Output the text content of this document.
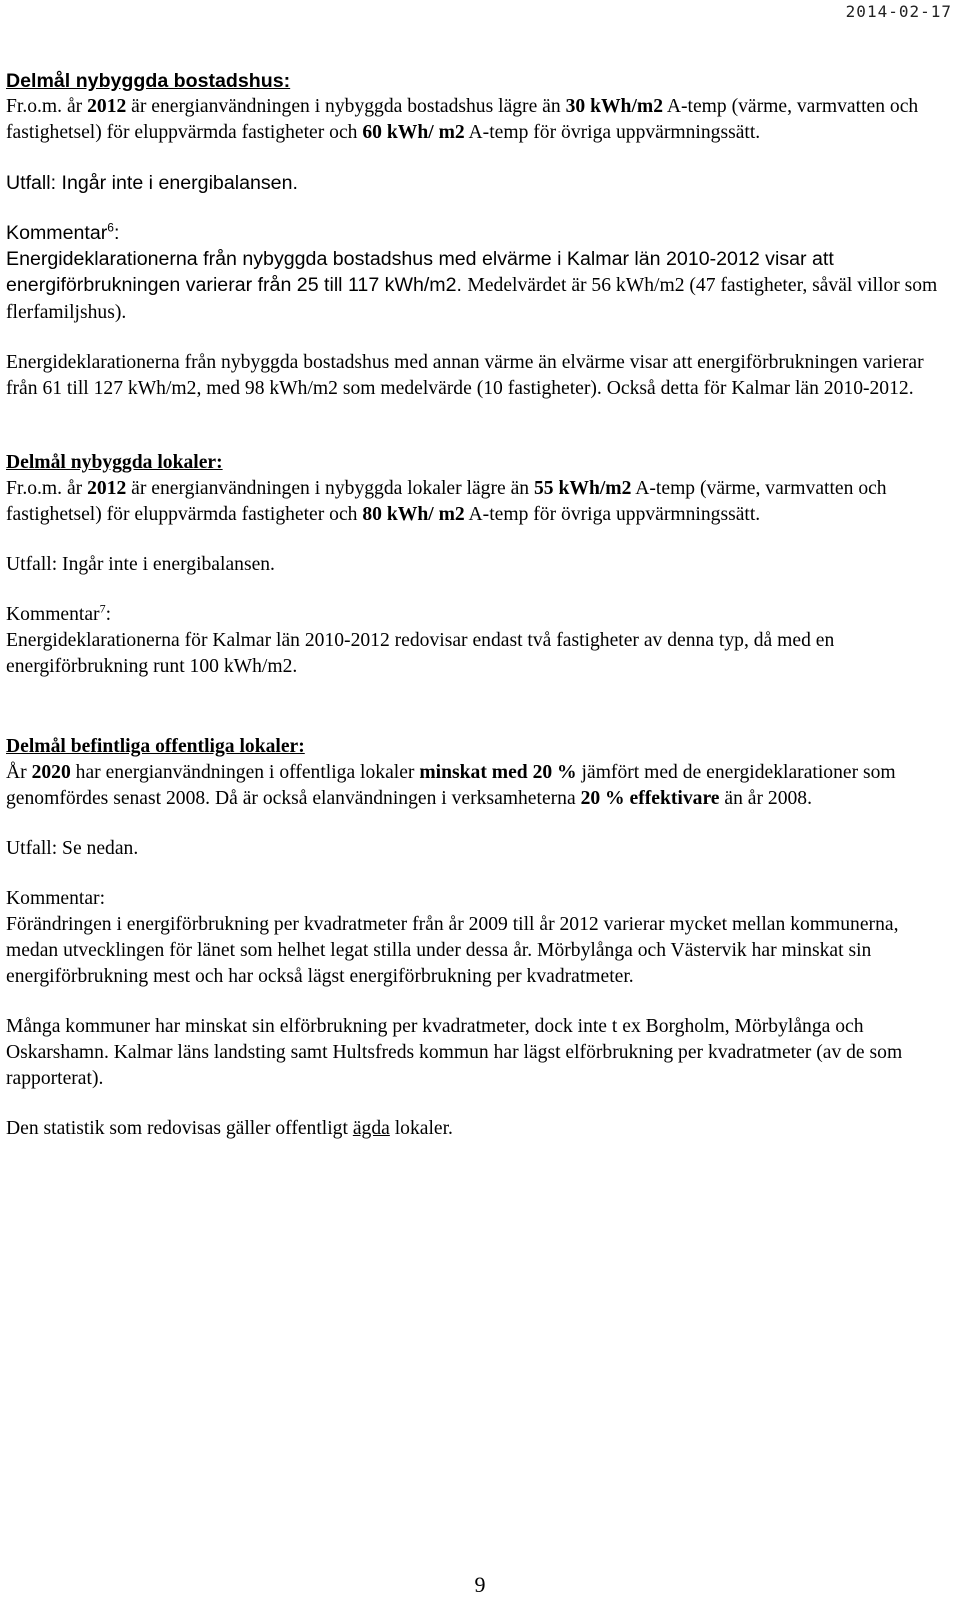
2014-02-17

Delmål nybyggda bostadshus:

Fr.o.m. år 2012 är energianvändningen i nybyggda bostadshus lägre än 30 kWh/m2 A-temp (värme, varmvatten och fastighetsel) för eluppvärmda fastigheter och 60 kWh/ m2 A-temp för övriga uppvärmningssätt.

Utfall: Ingår inte i energibalansen.

Kommentar$^6$:

Energideklarationerna från nybyggda bostadshus med elvärme i Kalmar län 2010-2012 visar att energiförbrukningen varierar från 25 till 117 kWh/m2. Medelvärdet är 56 kWh/m2 (47 fastigheter, såväl villor som flerfamiljshus).

Energideklarationerna från nybyggda bostadshus med annan värme än elvärme visar att energiförbrukningen varierar från 61 till 127 kWh/m2, med 98 kWh/m2 som medelvärde (10 fastigheter). Också detta för Kalmar län 2010-2012.

Delmål nybyggda lokaler:

Fr.o.m. år 2012 är energianvändningen i nybyggda lokaler lägre än 55 kWh/m2 A-temp (värme, varmvatten och fastighetsel) för eluppvärmda fastigheter och 80 kWh/ m2 A-temp för övriga uppvärmningssätt.

Utfall: Ingår inte i energibalansen.

Kommentar$^7$:

Energideklarationerna för Kalmar län 2010-2012 redovisar endast två fastigheter av denna typ, då med en energiförbrukning runt 100 kWh/m2.

Delmål befintliga offentliga lokaler:

År 2020 har energianvändningen i offentliga lokaler minskat med 20 % jämfört med de energideklarationer som genomfördes senast 2008. Då är också elanvändningen i verksamheterna 20 % effektivare än år 2008.

Utfall: Se nedan.

Kommentar:

Förändringen i energiförbrukning per kvadratmeter från år 2009 till år 2012 varierar mycket mellan kommunerna, medan utvecklingen för länet som helhet legat stilla under dessa år. Mörbylånga och Västervik har minskat sin energiförbrukning mest och har också lägst energiförbrukning per kvadratmeter.

Många kommuner har minskat sin elförbrukning per kvadratmeter, dock inte t ex Borgholm, Mörbylånga och Oskarshamn. Kalmar läns landsting samt Hultsfreds kommun har lägst elförbrukning per kvadratmeter (av de som rapporterat).

Den statistik som redovisas gäller offentligt ägda lokaler.

9
